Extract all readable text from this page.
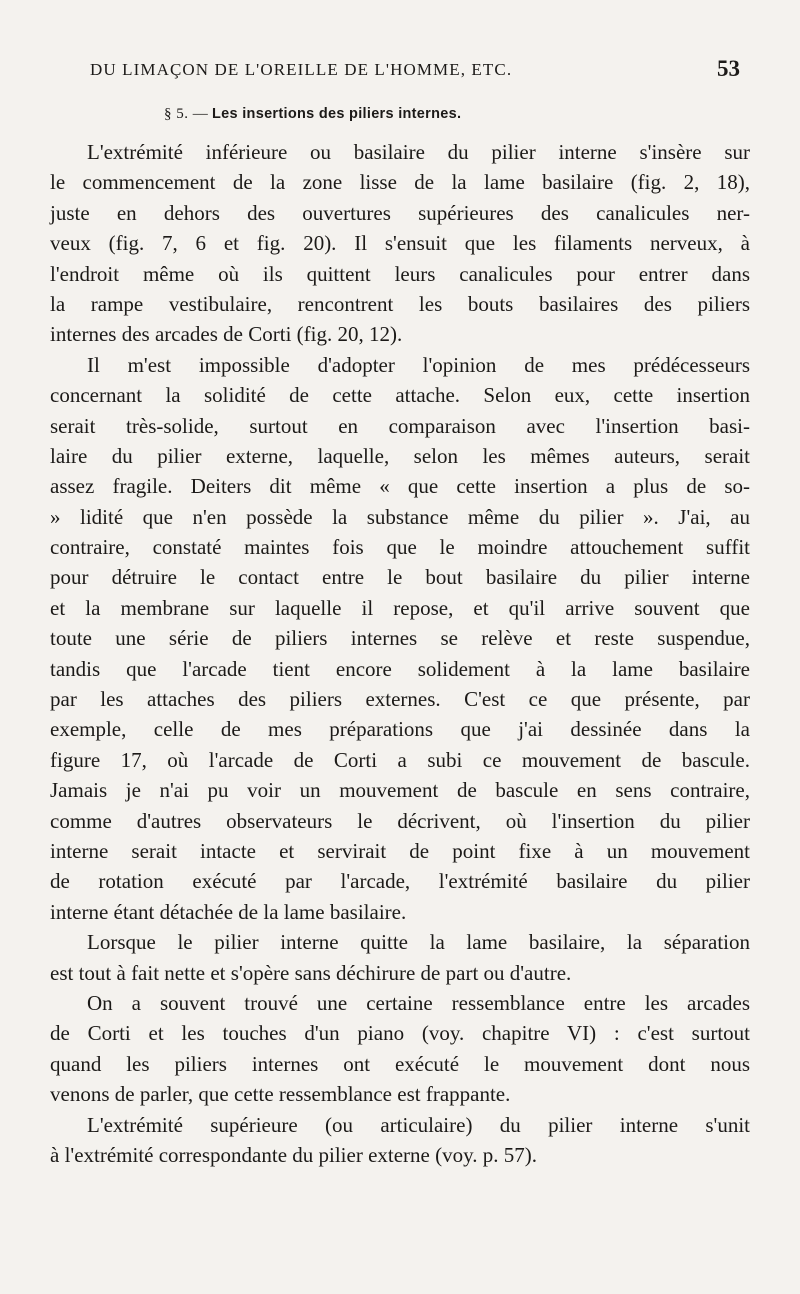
DU LIMAÇON DE L'OREILLE DE L'HOMME, ETC.	53
§ 5. — Les insertions des piliers internes.
L'extrémité inférieure ou basilaire du pilier interne s'insère sur
le commencement de la zone lisse de la lame basilaire (fig. 2, 18),
juste en dehors des ouvertures supérieures des canalicules ner-
veux (fig. 7, 6 et fig. 20). Il s'ensuit que les filaments nerveux, à
l'endroit même où ils quittent leurs canalicules pour entrer dans
la rampe vestibulaire, rencontrent les bouts basilaires des piliers
internes des arcades de Corti (fig. 20, 12).
Il m'est impossible d'adopter l'opinion de mes prédécesseurs
concernant la solidité de cette attache. Selon eux, cette insertion
serait très-solide, surtout en comparaison avec l'insertion basi-
laire du pilier externe, laquelle, selon les mêmes auteurs, serait
assez fragile. Deiters dit même « que cette insertion a plus de so-
» lidité que n'en possède la substance même du pilier ». J'ai, au
contraire, constaté maintes fois que le moindre attouchement suffit
pour détruire le contact entre le bout basilaire du pilier interne
et la membrane sur laquelle il repose, et qu'il arrive souvent que
toute une série de piliers internes se relève et reste suspendue,
tandis que l'arcade tient encore solidement à la lame basilaire
par les attaches des piliers externes. C'est ce que présente, par
exemple, celle de mes préparations que j'ai dessinée dans la
figure 17, où l'arcade de Corti a subi ce mouvement de bascule.
Jamais je n'ai pu voir un mouvement de bascule en sens contraire,
comme d'autres observateurs le décrivent, où l'insertion du pilier
interne serait intacte et servirait de point fixe à un mouvement
de rotation exécuté par l'arcade, l'extrémité basilaire du pilier
interne étant détachée de la lame basilaire.
Lorsque le pilier interne quitte la lame basilaire, la séparation
est tout à fait nette et s'opère sans déchirure de part ou d'autre.
On a souvent trouvé une certaine ressemblance entre les arcades
de Corti et les touches d'un piano (voy. chapitre VI) : c'est surtout
quand les piliers internes ont exécuté le mouvement dont nous
venons de parler, que cette ressemblance est frappante.
L'extrémité supérieure (ou articulaire) du pilier interne s'unit
à l'extrémité correspondante du pilier externe (voy. p. 57).
